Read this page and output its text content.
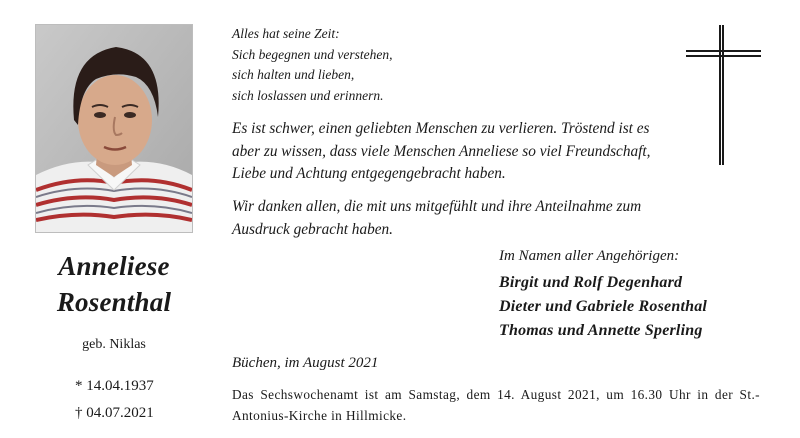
Anneliese
Rosenthal
geb. Niklas
* 14.04.1937
† 04.07.2021
Alles hat seine Zeit:
Sich begegnen und verstehen,
sich halten und lieben,
sich loslassen und erinnern.
Es ist schwer, einen geliebten Menschen zu verlieren. Tröstend ist es aber zu wissen, dass viele Menschen Anneliese so viel Freundschaft, Liebe und Achtung entgegengebracht haben.
Wir danken allen, die mit uns mitgefühlt und ihre Anteilnahme zum Ausdruck gebracht haben.
Im Namen aller Angehörigen:
Birgit und Rolf Degenhard
Dieter und Gabriele Rosenthal
Thomas und Annette Sperling
Büchen, im August 2021
Das Sechswochenamt ist am Samstag, dem 14. August 2021, um 16.30 Uhr in der St.-Antonius-Kirche in Hillmicke.
